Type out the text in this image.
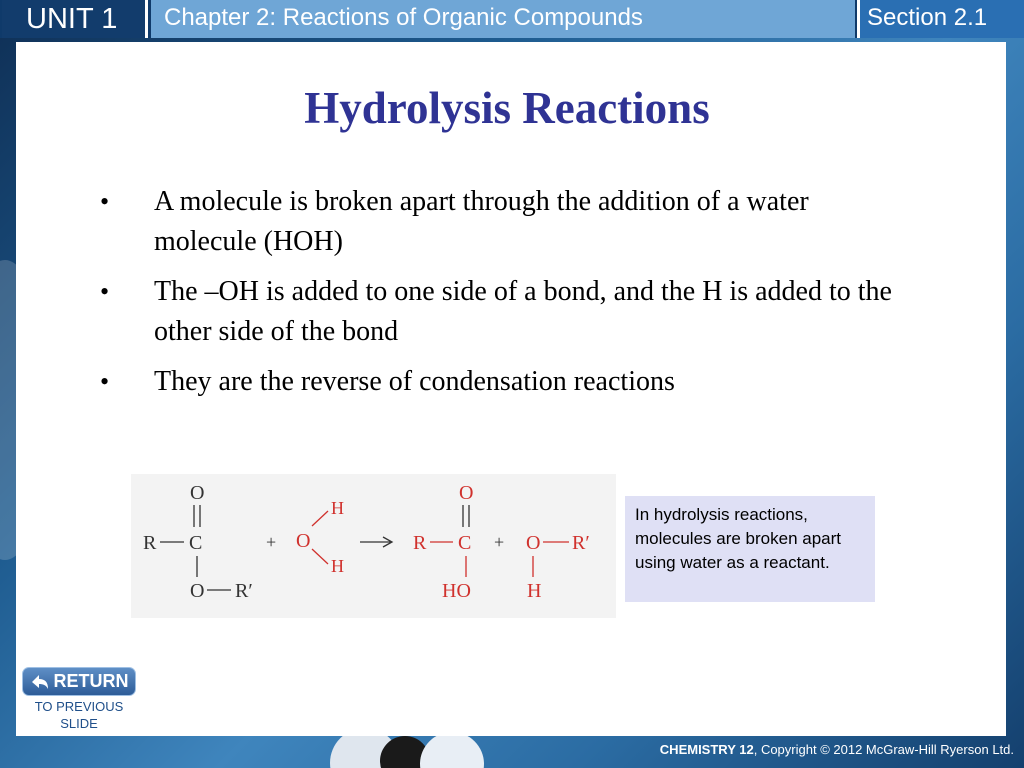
UNIT 1	Chapter 2: Reactions of Organic Compounds	Section 2.1
Hydrolysis Reactions
• A molecule is broken apart through the addition of a water molecule (HOH)
• The –OH is added to one side of a bond, and the H is added to the other side of the bond
• They are the reverse of condensation reactions
O
R C
O R′
+ O
H
H
O
R C
HO
+ O R′
H
In hydrolysis reactions, molecules are broken apart using water as a reactant.
RETURN
TO PREVIOUS SLIDE
CHEMISTRY 12, Copyright © 2012 McGraw-Hill Ryerson Ltd.
